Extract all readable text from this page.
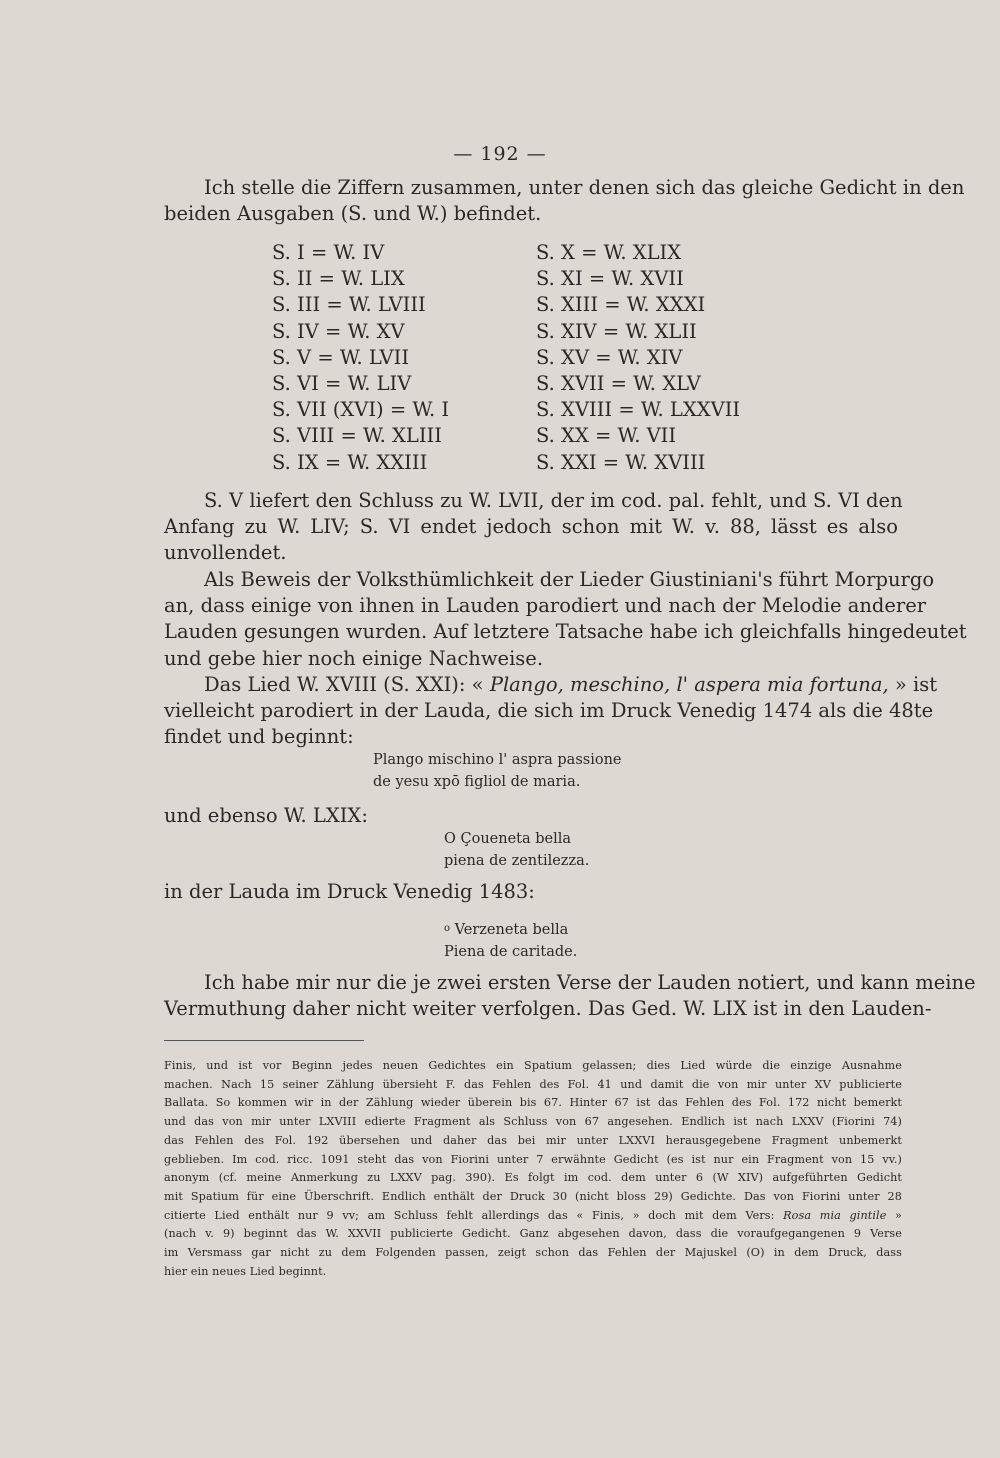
— 192 —
Ich stelle die Ziffern zusammen, unter denen sich das gleiche Gedicht in den
beiden Ausgaben (S. und W.) befindet.
S. I = W. IV
S. II = W. LIX
S. III = W. LVIII
S. IV = W. XV
S. V = W. LVII
S. VI = W. LIV
S. VII (XVI) = W. I
S. VIII = W. XLIII
S. IX = W. XXIII
S. X = W. XLIX
S. XI = W. XVII
S. XIII = W. XXXI
S. XIV = W. XLII
S. XV = W. XIV
S. XVII = W. XLV
S. XVIII = W. LXXVII
S. XX = W. VII
S. XXI = W. XVIII
S. V liefert den Schluss zu W. LVII, der im cod. pal. fehlt, und S. VI den
Anfang zu W. LIV; S. VI endet jedoch schon mit W. v. 88, lässt es also
unvollendet.
Als Beweis der Volksthümlichkeit der Lieder Giustiniani's führt Morpurgo
an, dass einige von ihnen in Lauden parodiert und nach der Melodie anderer
Lauden gesungen wurden. Auf letztere Tatsache habe ich gleichfalls hingedeutet
und gebe hier noch einige Nachweise.
Das Lied W. XVIII (S. XXI): « Plango, meschino, l' aspera mia fortuna, » ist
vielleicht parodiert in der Lauda, die sich im Druck Venedig 1474 als die 48te
findet und beginnt:
Plango mischino l' aspra passione
de yesu xpō figliol de maria.
und ebenso W. LXIX:
O Çoueneta bella
piena de zentilezza.
in der Lauda im Druck Venedig 1483:
$^o$ Verzeneta bella
Piena de caritade.
Ich habe mir nur die je zwei ersten Verse der Lauden notiert, und kann meine
Vermuthung daher nicht weiter verfolgen. Das Ged. W. LIX ist in den Lauden-
Finis, und ist vor Beginn jedes neuen Gedichtes ein Spatium gelassen; dies Lied würde die einzige Ausnahme
machen. Nach 15 seiner Zählung übersieht F. das Fehlen des Fol. 41 und damit die von mir unter XV publicierte
Ballata. So kommen wir in der Zählung wieder überein bis 67. Hinter 67 ist das Fehlen des Fol. 172 nicht bemerkt
und das von mir unter LXVIII edierte Fragment als Schluss von 67 angesehen. Endlich ist nach LXXV (Fiorini 74)
das Fehlen des Fol. 192 übersehen und daher das bei mir unter LXXVI herausgegebene Fragment unbemerkt
geblieben. Im cod. ricc. 1091 steht das von Fiorini unter 7 erwähnte Gedicht (es ist nur ein Fragment von 15 vv.)
anonym (cf. meine Anmerkung zu LXXV pag. 390). Es folgt im cod. dem unter 6 (W XIV) aufgeführten Gedicht
mit Spatium für eine Überschrift. Endlich enthält der Druck 30 (nicht bloss 29) Gedichte. Das von Fiorini unter 28
citierte Lied enthält nur 9 vv; am Schluss fehlt allerdings das « Finis, » doch mit dem Vers: Rosa mia gintile »
(nach v. 9) beginnt das W. XXVII publicierte Gedicht. Ganz abgesehen davon, dass die voraufgegangenen 9 Verse
im Versmass gar nicht zu dem Folgenden passen, zeigt schon das Fehlen der Majuskel (O) in dem Druck, dass
hier ein neues Lied beginnt.
